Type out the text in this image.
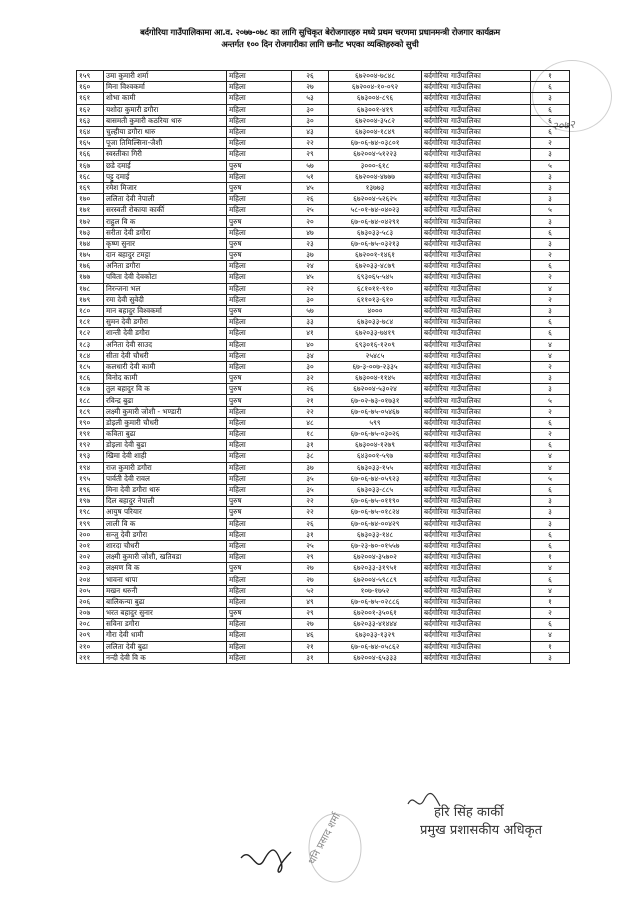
बर्दगोरिया गाउँपालिकामा आ.व. २०७७-०७८ का लागि सुचिकृत बेरोजगारहरु मध्ये प्रथम चरणमा प्रधानमन्त्री रोजगार कार्यक्रम
अन्तर्गत १०० दिन रोजगारीका लागि छनौट भएका व्यक्तिहरुको सुची
२०७२
१५९	उमा कुमारी शर्मा	महिला	२६	६७२००४-७८४८	बर्दगोरिया गाउँपालिका	१
१६०	मिना विश्वकर्मा	महिला	२७	६७२००४-१०-०९२	बर्दगोरिया गाउँपालिका	६
१६१	शोभा कामी	महिला	५३	६७३००४-८९६	बर्दगोरिया गाउँपालिका	३
१६२	यशोदा कुमारी डगौरा	महिला	३०	६७३००१-४१९	बर्दगोरिया गाउँपालिका	६
१६३	बासमती कुमारी कठरिया थारु	महिला	३०	६७२००४-३५८२	बर्दगोरिया गाउँपालिका	६
१६४	चुल्हीया डगौरा थारु	महिला	४३	६७३००४-१८४९	बर्दगोरिया गाउँपालिका	६
१६५	पूजा तिमिल्सिना-जैशी	महिला	२२	६७-०६-७४-०३८०१	बर्दगोरिया गाउँपालिका	२
१६६	स्वस्तीका गिरी	महिला	२९	६७२००४-५१२२३	बर्दगोरिया गाउँपालिका	३
१६७	छडे दमाई	पुरुष	५७	३०००-६१८	बर्दगोरिया गाउँपालिका	५
१६८	पट्टु दमाई	महिला	५१	६७२००४-४७७७	बर्दगोरिया गाउँपालिका	३
१६९	रमेश मिजार	पुरुष	४५	१३७७३	बर्दगोरिया गाउँपालिका	३
१७०	ललिता देवी नेपाली	महिला	२६	६७२००४-५२६२५	बर्दगोरिया गाउँपालिका	३
१७१	सरस्वती रोकाया कार्की	महिला	२५	५८-०१-७४-०४०२३	बर्दगोरिया गाउँपालिका	५
१७२	राहुल वि क	पुरुष	२०	६७-०६-७४-०४२९१	बर्दगोरिया गाउँपालिका	३
१७३	सरीता देवी डगौरा	महिला	४७	६७३०३३-५८३	बर्दगोरिया गाउँपालिका	६
१७४	कृष्ण सुनार	पुरुष	२३	६७-०६-७५-०३२१३	बर्दगोरिया गाउँपालिका	३
१७५	दान बहादुर टमट्टा	पुरुष	३७	६७२००१-१४६१	बर्दगोरिया गाउँपालिका	२
१७६	अनिता डगौरा	महिला	२४	६७२०३३-४८७९	बर्दगोरिया गाउँपालिका	६
१७७	पविता देवी देवकोटा	महिला	४५	६९३०६५-५४५	बर्दगोरिया गाउँपालिका	२
१७८	निरन्जना भल	महिला	२२	६८१०११-९१०	बर्दगोरिया गाउँपालिका	४
१७९	रमा देवी सुवेदी	महिला	३०	६११०१३-६१०	बर्दगोरिया गाउँपालिका	२
१८०	मान बहादुर विश्वकर्मा	पुरुष	५७	४०००	बर्दगोरिया गाउँपालिका	३
१८१	सुमन देवी डगौरा	महिला	३३	६७३०३३-७८४	बर्दगोरिया गाउँपालिका	६
१८२	शान्ती देवी डगौरा	महिला	४१	६७२०३३-७४१९	बर्दगोरिया गाउँपालिका	६
१८३	अनिता देवी साउद	महिला	४०	६९३०१६-१२०९	बर्दगोरिया गाउँपालिका	४
१८४	सीता देवी चौधरी	महिला	३४	२५४८५	बर्दगोरिया गाउँपालिका	४
१८५	कलधारी देवी कामी	महिला	३०	६७-३-००७-२३३५	बर्दगोरिया गाउँपालिका	२
१८६	विनोद कामी	पुरुष	३२	६७३००४-११४५	बर्दगोरिया गाउँपालिका	३
१८७	तुल बहादुर वि क	पुरुष	२६	६७२००४-५३०२४	बर्दगोरिया गाउँपालिका	३
१८८	रविन्द्र बुढा	पुरुष	२१	६७-०२-७३-०१७३१	बर्दगोरिया गाउँपालिका	५
१८९	लक्ष्मी कुमारी जोशी - भण्डारी	महिला	२२	६७-०६-७५-०५४६७	बर्दगोरिया गाउँपालिका	२
१९०	डोइली कुमारी चौधरी	महिला	४८	५९९	बर्दगोरिया गाउँपालिका	६
१९१	कविता बुढा	महिला	१८	६७-०६-७५-०३०२६	बर्दगोरिया गाउँपालिका	२
१९२	डोइला देवी बुढा	महिला	३१	६७३००४-१२७९	बर्दगोरिया गाउँपालिका	६
१९३	खिमा देवी शाही	महिला	३८	६४३००१-५९७	बर्दगोरिया गाउँपालिका	४
१९४	राज कुमारी डगौरा	महिला	३७	६७३०३३-१५५	बर्दगोरिया गाउँपालिका	४
१९५	पार्वती देवी रावल	महिला	३५	६७-०६-७४-०५९२३	बर्दगोरिया गाउँपालिका	५
१९६	मिना देवी डगौरा थारु	महिला	३५	६७३०३३-८८५	बर्दगोरिया गाउँपालिका	६
१९७	दिल बहादुर नेपाली	पुरुष	२२	६७-०६-७५-०११९०	बर्दगोरिया गाउँपालिका	३
१९८	आयुष परियार	पुरुष	२२	६७-०६-७५-०१८२४	बर्दगोरिया गाउँपालिका	३
१९९	लाली वि क	महिला	२६	६७-०६-७४-००४२९	बर्दगोरिया गाउँपालिका	३
२००	सन्जु देवी डगौरा	महिला	३१	६७३०३३-१४८	बर्दगोरिया गाउँपालिका	६
२०१	शारदा चौधरी	महिला	२५	६७-२३-७०-०१५५७	बर्दगोरिया गाउँपालिका	६
२०२	लक्ष्मी कुमारी जोशी, खतिवडा	महिला	२९	६७२००४-३५७०२	बर्दगोरिया गाउँपालिका	१
२०३	लक्ष्मण वि क	पुरुष	२७	६७२०३३-३१९५१	बर्दगोरिया गाउँपालिका	४
२०४	भावना थापा	महिला	२७	६७२००४-५९८८९	बर्दगोरिया गाउँपालिका	६
२०५	मखन थरुनी	महिला	५२	१०७-१७५२	बर्दगोरिया गाउँपालिका	४
२०६	बालिकन्या बुढा	महिला	४९	६७-०६-७५-०२८८६	बर्दगोरिया गाउँपालिका	१
२०७	भरत बहादुर सुनार	पुरुष	२९	६७२००१-३५०६१	बर्दगोरिया गाउँपालिका	२
२०८	सविना डगौरा	महिला	२७	६७२०३३-४१४४४	बर्दगोरिया गाउँपालिका	६
२०९	गौरा देवी धामी	महिला	४६	६७३०३३-१३२९	बर्दगोरिया गाउँपालिका	४
२१०	ललिता देवी बुढा	महिला	२१	६७-०६-७४-०५८६२	बर्दगोरिया गाउँपालिका	१
२११	नन्दी देवी वि क	महिला	३१	६७२००४-६५३३३	बर्दगोरिया गाउँपालिका	३
थनि प्रसाद शर्मा	हरि सिंह कार्की
प्रमुख प्रशासकीय अधिकृत
